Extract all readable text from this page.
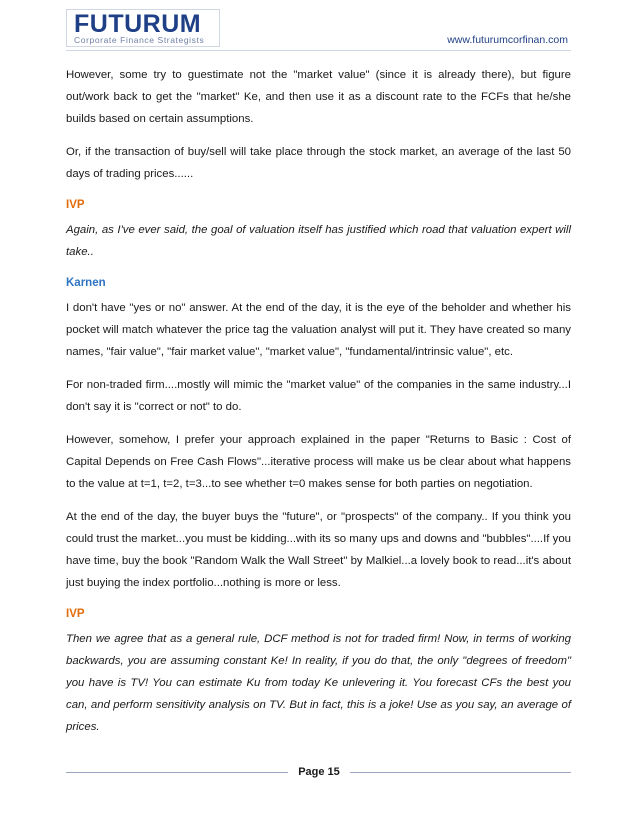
FUTURUM
Corporate Finance Strategists	www.futurumcorfinan.com

However, some try to guestimate not the "market value" (since it is already there), but figure out/work back to get the "market" Ke, and then use it as a discount rate to the FCFs that he/she builds based on certain assumptions.

Or, if the transaction of buy/sell will take place through the stock market, an average of the last 50 days of trading prices......

IVP

Again, as I've ever said, the goal of valuation itself has justified which road that valuation expert will take..

Karnen

I don't have "yes or no" answer. At the end of the day, it is the eye of the beholder and whether his pocket will match whatever the price tag the valuation analyst will put it. They have created so many names, "fair value", "fair market value", "market value", "fundamental/intrinsic value", etc.

For non-traded firm....mostly will mimic the "market value" of the companies in the same industry...I don't say it is "correct or not" to do.

However, somehow, I prefer your approach explained in the paper "Returns to Basic : Cost of Capital Depends on Free Cash Flows"...iterative process will make us be clear about what happens to the value at t=1, t=2, t=3...to see whether t=0 makes sense for both parties on negotiation.

At the end of the day, the buyer buys the "future", or "prospects" of the company.. If you think you could trust the market...you must be kidding...with its so many ups and downs and "bubbles"....If you have time, buy the book "Random Walk the Wall Street" by Malkiel...a lovely book to read...it's about just buying the index portfolio...nothing is more or less.

IVP

Then we agree that as a general rule, DCF method is not for traded firm! Now, in terms of working backwards, you are assuming constant Ke! In reality, if you do that, the only "degrees of freedom" you have is TV! You can estimate Ku from today Ke unlevering it. You forecast CFs the best you can, and perform sensitivity analysis on TV. But in fact, this is a joke! Use as you say, an average of prices.

Page 15
